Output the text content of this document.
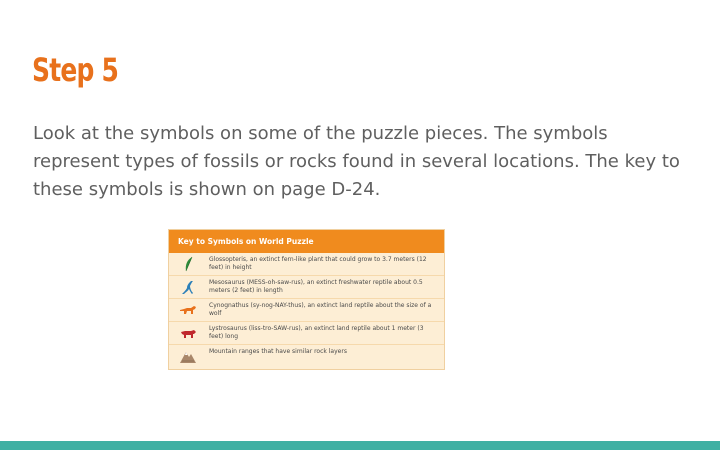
Step 5
Look at the symbols on some of the puzzle pieces. The symbols represent types of fossils or rocks found in several locations. The key to these symbols is shown on page D-24.
Key to Symbols on World Puzzle
Glossopteris, an extinct fern-like plant that could grow to 3.7 meters (12 feet) in height
Mesosaurus (MESS-oh-saw-rus), an extinct freshwater reptile about 0.5 meters (2 feet) in length
Cynognathus (sy-nog-NAY-thus), an extinct land reptile about the size of a wolf
Lystrosaurus (liss-tro-SAW-rus), an extinct land reptile about 1 meter (3 feet) long
Mountain ranges that have similar rock layers
